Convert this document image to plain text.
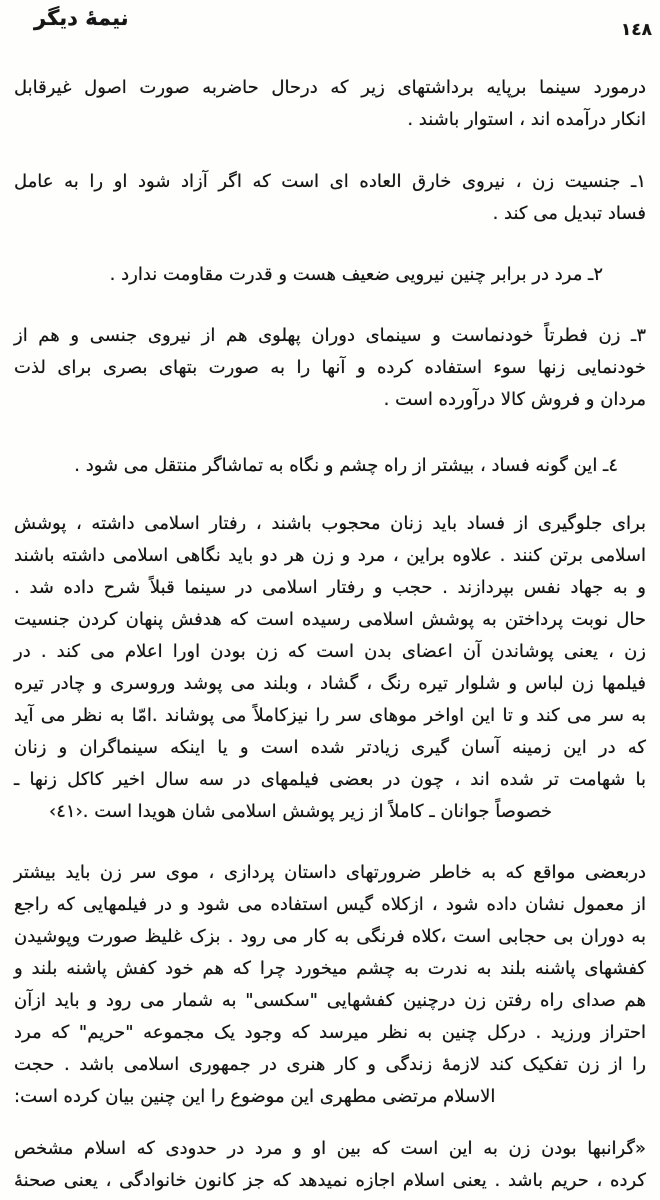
نیمهٔ دیگر	١٤٨
درمورد سینما برپایه برداشتهای زیر که درحال حاضربه صورت اصول غیرقابل
انکار درآمده اند ، استوار باشند .
١ـ جنسیت زن ، نیروی خارق العاده ای است که اگر آزاد شود او را به عامل
فساد تبدیل می کند .
٢ـ مرد در برابر چنین نیرویی ضعیف هست و قدرت مقاومت ندارد .
٣ـ زن فطرتاً خودنماست و سینمای دوران پهلوی هم از نیروی جنسی و هم از
خودنمایی زنها سوء استفاده کرده و آنها را به صورت بتهای بصری برای لذت
مردان و فروش کالا درآورده است .
٤ـ این گونه فساد ، بیشتر از راه چشم و نگاه به تماشاگر منتقل می شود .
برای جلوگیری از فساد باید زنان محجوب باشند ، رفتار اسلامی داشته ، پوشش
اسلامی برتن کنند . علاوه براین ، مرد و زن هر دو باید نگاهی اسلامی داشته باشند
و به جهاد نفس بپردازند . حجب و رفتار اسلامی در سینما قبلاً شرح داده شد .
حال نوبت پرداختن به پوشش اسلامی رسیده است که هدفش پنهان کردن جنسیت
زن ، یعنی پوشاندن آن اعضای بدن است که زن بودن اورا اعلام می کند . در
فیلمها زن لباس و شلوار تیره رنگ ، گشاد ، وبلند می پوشد وروسری و چادر تیره
به سر می کند و تا این اواخر موهای سر را نیزکاملاً می پوشاند .امّا به نظر می آید
که در این زمینه آسان گیری زیادتر شده است و یا اینکه سینماگران و زنان
با شهامت تر شده اند ، چون در بعضی فیلمهای در سه سال اخیر کاکل زنها ـ
خصوصاً جوانان ـ کاملاً از زیر پوشش اسلامی شان هویدا است .‹٤١›
دربعضی مواقع که به خاطر ضرورتهای داستان پردازی ، موی سر زن باید بیشتر
از معمول نشان داده شود ، ازکلاه گیس استفاده می شود و در فیلمهایی که راجع
به دوران بی حجابی است ،کلاه فرنگی به کار می رود . بزک غلیظ صورت وپوشیدن
کفشهای پاشنه بلند به ندرت به چشم میخورد چرا که هم خود کفش پاشنه بلند و
هم صدای راه رفتن زن درچنین کفشهایی "سکسی" به شمار می رود و باید ازآن
احتراز ورزید . درکل چنین به نظر میرسد که وجود یک مجموعه "حریم" که مرد
را از زن تفکیک کند لازمهٔ زندگی و کار هنری در جمهوری اسلامی باشد . حجت
الاسلام مرتضی مطهری این موضوع را این چنین بیان کرده است:
«گرانبها بودن زن به این است که بین او و مرد در حدودی که اسلام مشخص
کرده ، حریم باشد . یعنی اسلام اجازه نمیدهد که جز کانون خانوادگی ، یعنی صحنهٔ
